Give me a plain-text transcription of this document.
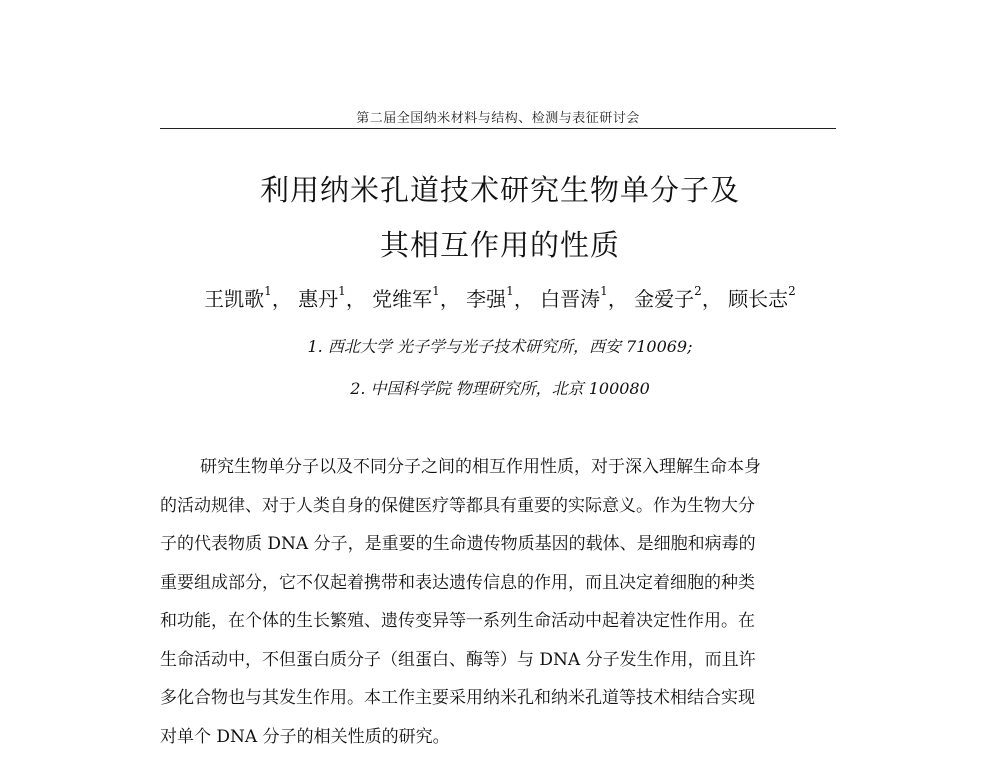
第二届全国纳米材料与结构、检测与表征研讨会
利用纳米孔道技术研究生物单分子及
其相互作用的性质
王凯歌$^1$， 惠丹$^1$， 党维军$^1$， 李强$^1$， 白晋涛$^1$， 金爱子$^2$， 顾长志$^2$
1. 西北大学 光子学与光子技术研究所，西安 710069;
2. 中国科学院 物理研究所，北京 100080
研究生物单分子以及不同分子之间的相互作用性质，对于深入理解生命本身
的活动规律、对于人类自身的保健医疗等都具有重要的实际意义。作为生物大分
子的代表物质 DNA 分子，是重要的生命遗传物质基因的载体、是细胞和病毒的
重要组成部分，它不仅起着携带和表达遗传信息的作用，而且决定着细胞的种类
和功能，在个体的生长繁殖、遗传变异等一系列生命活动中起着决定性作用。在
生命活动中，不但蛋白质分子（组蛋白、酶等）与 DNA 分子发生作用，而且许
多化合物也与其发生作用。本工作主要采用纳米孔和纳米孔道等技术相结合实现
对单个 DNA 分子的相关性质的研究。
